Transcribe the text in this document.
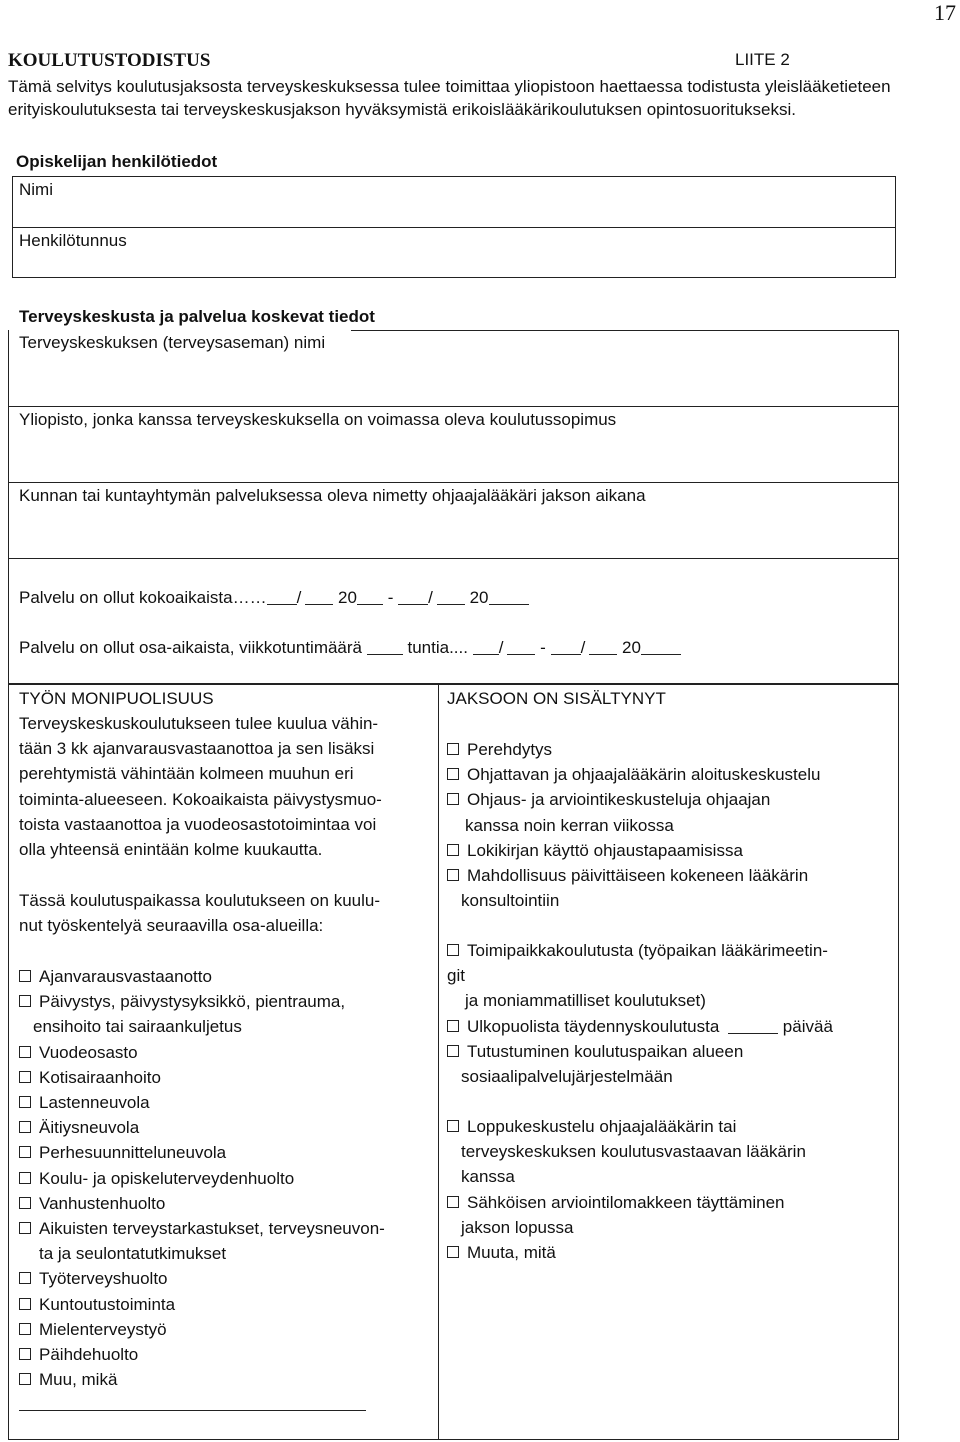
17
KOULUTUSTODISTUS	LIITE 2

Tämä selvitys koulutusjaksosta terveyskeskuksessa tulee toimittaa yliopistoon haettaessa todistusta yleislääketieteen erityiskoulutuksesta tai terveyskeskusjakson hyväksymistä erikoislääkärikoulutuksen opintosuoritukseksi.

Opiskelijan henkilötiedot
Nimi
Henkilötunnus
Terveyskeskusta ja palvelua koskevat tiedot
Terveyskeskuksen (terveysaseman) nimi
Yliopisto, jonka kanssa terveyskeskuksella on voimassa oleva koulutussopimus
Kunnan tai kuntayhtymän palveluksessa oleva nimetty ohjaajalääkäri jakson aikana
Palvelu on ollut kokoaikaista…… / 20 - / 20
Palvelu on ollut osa-aikaista, viikkotuntimäärä	tuntia.... / - / 20
TYÖN MONIPUOLISUUS

Terveyskeskuskoulutukseen tulee kuulua vähin-

tään 3 kk ajanvarausvastaanottoa ja sen lisäksi

perehtymistä vähintään kolmeen muuhun eri

toiminta-alueeseen. Kokoaikaista päivystysmuo-

toista vastaanottoa ja vuodeosastotoimintaa voi

olla yhteensä enintään kolme kuukautta.

Tässä koulutuspaikassa koulutukseen on kuulu-

nut työskentelyä seuraavilla osa-alueilla:

Ajanvarausvastaanotto
Päivystys, päivystysyksikkö, pientrauma,
ensihoito tai sairaankuljetus
Vuodeosasto
Kotisairaanhoito
Lastenneuvola
Äitiysneuvola
Perhesuunnitteluneuvola
Koulu- ja opiskeluterveydenhuolto
Vanhustenhuolto
Aikuisten terveystarkastukset, terveysneuvon-
ta ja seulontatutkimukset
Työterveyshuolto
Kuntoutustoiminta
Mielenterveystyö
Päihdehuolto
Muu, mikä
JAKSOON ON SISÄLTYNYT
Perehdytys
Ohjattavan ja ohjaajalääkärin aloituskeskustelu
Ohjaus- ja arviointikeskusteluja ohjaajan
kanssa noin kerran viikossa
Lokikirjan käyttö ohjaustapaamisissa
Mahdollisuus päivittäiseen kokeneen lääkärin
konsultointiin
Toimipaikkakoulutusta (työpaikan lääkärimeetin-
git
ja moniammatilliset koulutukset)
Ulkopuolista täydennyskoulutusta	päivää
Tutustuminen koulutuspaikan alueen
sosiaalipalvelujärjestelmään
Loppukeskustelu ohjaajalääkärin tai
terveyskeskuksen koulutusvastaavan lääkärin
kanssa
Sähköisen arviointilomakkeen täyttäminen
jakson lopussa
Muuta, mitä
